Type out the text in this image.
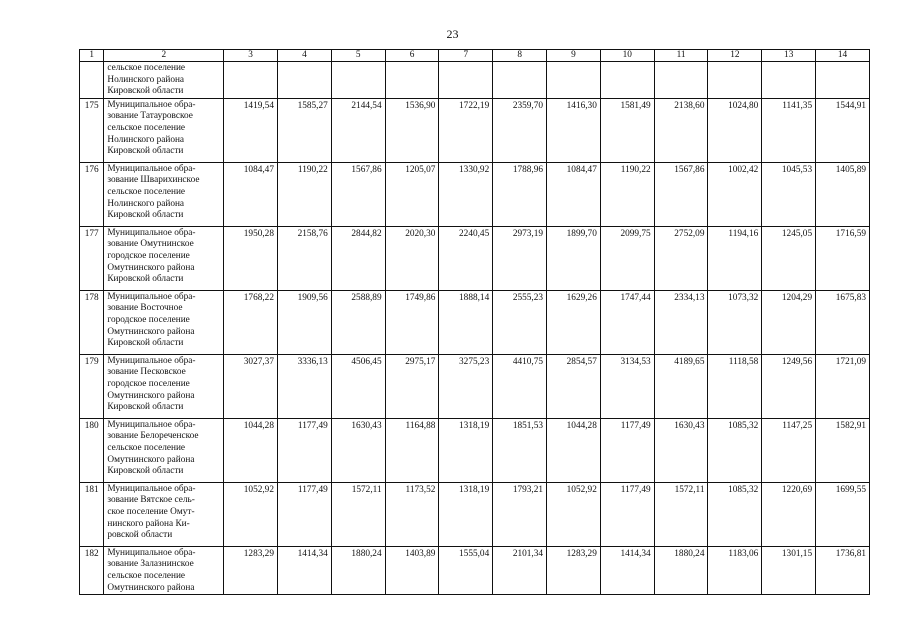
23
1	2	3	4	5	6	7	8	9	10	11	12	13	14
	сельское поселение
Нолинского района
Кировской области												
175	Муниципальное обра-
зование Татауровское
сельское поселение
Нолинского района
Кировской области	1419,54	1585,27	2144,54	1536,90	1722,19	2359,70	1416,30	1581,49	2138,60	1024,80	1141,35	1544,91
176	Муниципальное обра-
зование Шварихинское
сельское поселение
Нолинского района
Кировской области	1084,47	1190,22	1567,86	1205,07	1330,92	1788,96	1084,47	1190,22	1567,86	1002,42	1045,53	1405,89
177	Муниципальное обра-
зование Омутнинское
городское поселение
Омутнинского района
Кировской области	1950,28	2158,76	2844,82	2020,30	2240,45	2973,19	1899,70	2099,75	2752,09	1194,16	1245,05	1716,59
178	Муниципальное обра-
зование Восточное
городское поселение
Омутнинского района
Кировской области	1768,22	1909,56	2588,89	1749,86	1888,14	2555,23	1629,26	1747,44	2334,13	1073,32	1204,29	1675,83
179	Муниципальное обра-
зование Песковское
городское поселение
Омутнинского района
Кировской области	3027,37	3336,13	4506,45	2975,17	3275,23	4410,75	2854,57	3134,53	4189,65	1118,58	1249,56	1721,09
180	Муниципальное обра-
зование Белореченское
сельское поселение
Омутнинского района
Кировской области	1044,28	1177,49	1630,43	1164,88	1318,19	1851,53	1044,28	1177,49	1630,43	1085,32	1147,25	1582,91
181	Муниципальное обра-
зование Вятское сель-
ское поселение Омут-
нинского района Ки-
ровской области	1052,92	1177,49	1572,11	1173,52	1318,19	1793,21	1052,92	1177,49	1572,11	1085,32	1220,69	1699,55
182	Муниципальное обра-
зование Залазнинское
сельское поселение
Омутнинского района	1283,29	1414,34	1880,24	1403,89	1555,04	2101,34	1283,29	1414,34	1880,24	1183,06	1301,15	1736,81
